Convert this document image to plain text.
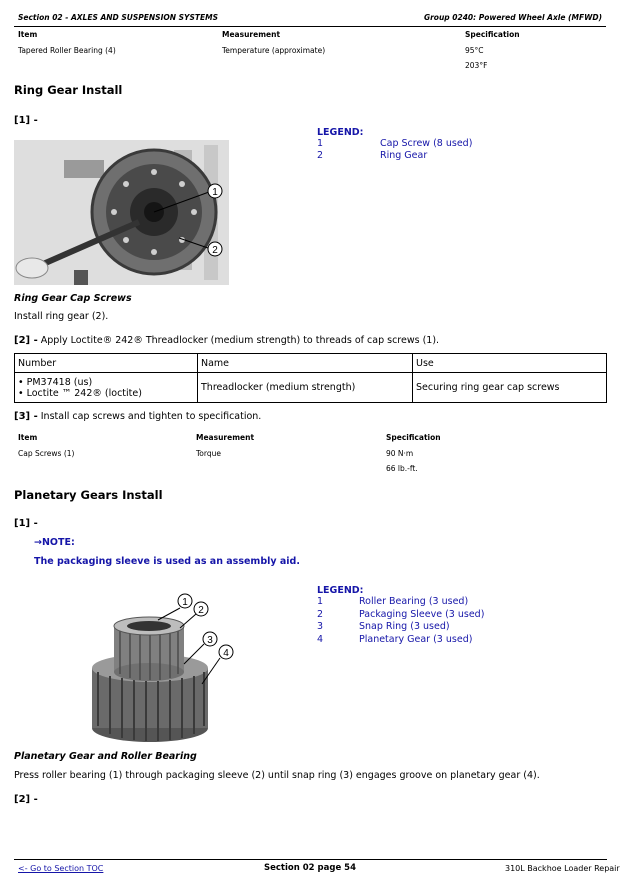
Section 02 - AXLES AND SUSPENSION SYSTEMS	Group 0240: Powered Wheel Axle (MFWD)
Item	Measurement	Specification
Tapered Roller Bearing (4)	Temperature (approximate)	95°C
203°F
Ring Gear Install
[1] -
1
2
LEGEND:
1	Cap Screw (8 used)
2	Ring Gear
Ring Gear Cap Screws
Install ring gear (2).
[2] - Apply Loctite® 242® Threadlocker (medium strength) to threads of cap screws (1).
Number	Name	Use

• PM37418 (us)
• Loctite ™ 242® (loctite)	Threadlocker (medium strength)	Securing ring gear cap screws
[3] - Install cap screws and tighten to specification.
Item	Measurement	Specification
Cap Screws (1)	Torque	90 N·m
66 lb.-ft.
Planetary Gears Install
[1] -
→NOTE:
The packaging sleeve is used as an assembly aid.
1
2
3
4
LEGEND:
1	Roller Bearing (3 used)
2	Packaging Sleeve (3 used)
3	Snap Ring (3 used)
4	Planetary Gear (3 used)
Planetary Gear and Roller Bearing
Press roller bearing (1) through packaging sleeve (2) until snap ring (3) engages groove on planetary gear (4).
[2] -
<- Go to Section TOC	Section 02 page 54	310L Backhoe Loader Repair
